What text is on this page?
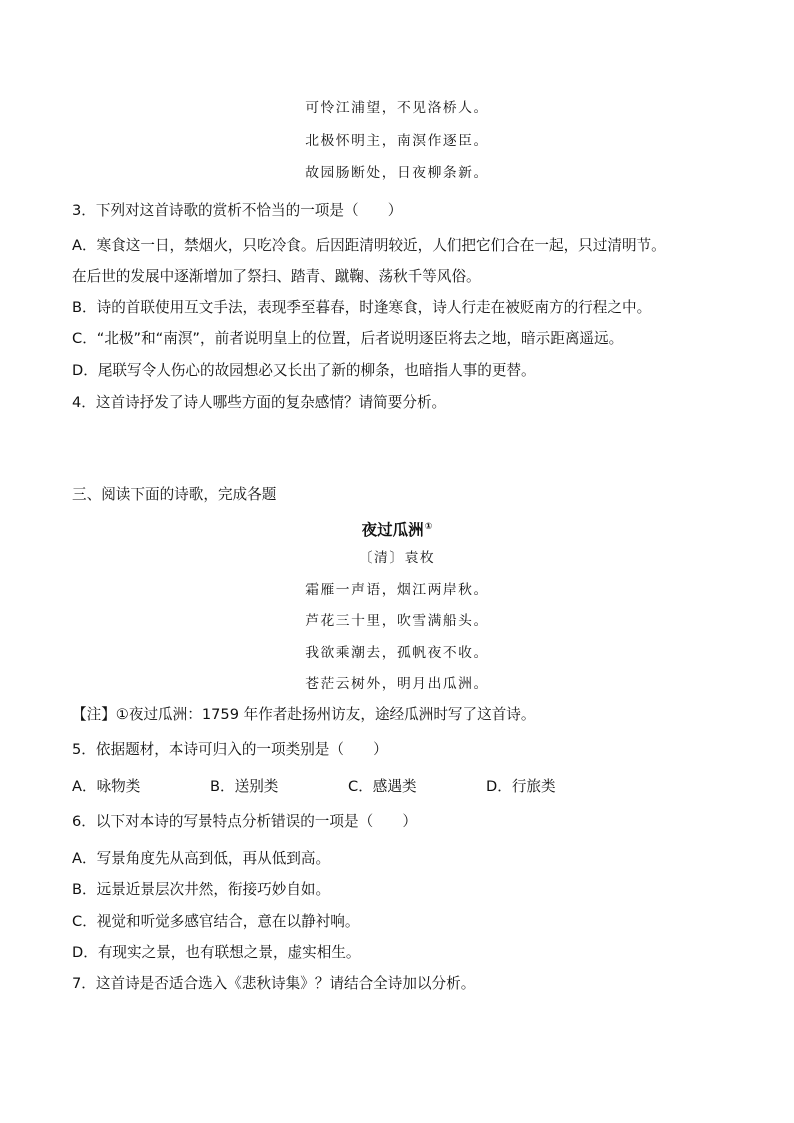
可怜江浦望，不见洛桥人。
北极怀明主，南溟作逐臣。
故园肠断处，日夜柳条新。
3．下列对这首诗歌的赏析不恰当的一项是（　　）
A．寒食这一日，禁烟火，只吃冷食。后因距清明较近，人们把它们合在一起，只过清明节。
在后世的发展中逐渐增加了祭扫、踏青、蹴鞠、荡秋千等风俗。
B．诗的首联使用互文手法，表现季至暮春，时逢寒食，诗人行走在被贬南方的行程之中。
C．“北极”和“南溟”，前者说明皇上的位置，后者说明逐臣将去之地，暗示距离遥远。
D．尾联写令人伤心的故园想必又长出了新的柳条，也暗指人事的更替。
4．这首诗抒发了诗人哪些方面的复杂感情？请简要分析。
三、阅读下面的诗歌，完成各题
夜过瓜洲①
〔清〕袁枚
霜雁一声语，烟江两岸秋。
芦花三十里，吹雪满船头。
我欲乘潮去，孤帆夜不收。
苍茫云树外，明月出瓜洲。
【注】①夜过瓜洲：1759 年作者赴扬州访友，途经瓜洲时写了这首诗。
5．依据题材，本诗可归入的一项类别是（　　）
A．咏物类	B．送别类	C．感遇类	D．行旅类
6．以下对本诗的写景特点分析错误的一项是（　　）
A．写景角度先从高到低，再从低到高。
B．远景近景层次井然，衔接巧妙自如。
C．视觉和听觉多感官结合，意在以静衬响。
D．有现实之景，也有联想之景，虚实相生。
7．这首诗是否适合选入《悲秋诗集》？请结合全诗加以分析。
